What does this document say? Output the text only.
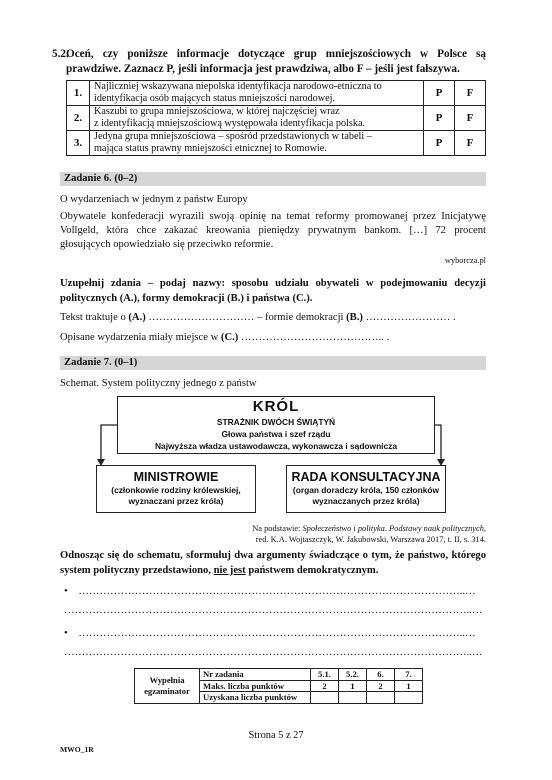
5.2.
Oceń, czy poniższe informacje dotyczące grup mniejszościowych w Polsce są prawdziwe. Zaznacz P, jeśli informacja jest prawdziwa, albo F – jeśli jest fałszywa.
1.	Najliczniej wskazywana niepolska identyfikacja narodowo-etniczna to
identyfikacja osób mających status mniejszości narodowej.	P	F
2.	Kaszubi to grupa mniejszościowa, w której najczęściej wraz
z identyfikacją mniejszościową występowała identyfikacja polska.	P	F
3.	Jedyna grupa mniejszościowa – spośród przedstawionych w tabeli –
mająca status prawny mniejszości etnicznej to Romowie.	P	F
Zadanie 6. (0–2)

O wydarzeniach w jednym z państw Europy

Obywatele konfederacji wyrazili swoją opinię na temat reformy promowanej przez Inicjatywę

Vollgeld, która chce zakazać kreowania pieniędzy prywatnym bankom. […] 72 procent

głosujących opowiedziało się przeciwko reformie.

wyborcza.pl

Uzupełnij zdania – podaj nazwy: sposobu udziału obywateli w podejmowaniu decyzji politycznych (A.), formy demokracji (B.) i państwa (C.).

Tekst traktuje o (A.) ………………………… – formie demokracji (B.) …………………… .

Opisane wydarzenia miały miejsce w (C.) ………………………………….. .

Zadanie 7. (0–1)

Schemat. System polityczny jednego z państw

KRÓL
STRAŻNIK DWÓCH ŚWIĄTYŃ
Głowa państwa i szef rządu
Najwyższa władza ustawodawcza, wykonawcza i sądownicza
MINISTROWIE
(członkowie rodziny królewskiej,
wyznaczani przez króla)
RADA KONSULTACYJNA
(organ doradczy króla, 150 członków
wyznaczanych przez króla)

Na podstawie: Społeczeństwo i polityka. Podstawy nauk politycznych,
red. K.A. Wojtaszczyk, W. Jakubowski, Warszawa 2017, t. II, s. 314.

Odnosząc się do schematu, sformułuj dwa argumenty świadczące o tym, że państwo, którego system polityczny przedstawiono, nie jest państwem demokratycznym.

• ………………………………………………………………………………………………..…
……………………………………………………………………………………………………..…
• ………………………………………………………………………………………………..…
……………………………………………………………………………………………………..…
Wypełnia
egzaminator	Nr zadania	5.1.	5.2.	6.	7.
	Maks. liczba punktów	2	1	2	1
	Uzyskana liczba punktów				

Strona 5 z 27

MWO_1R
